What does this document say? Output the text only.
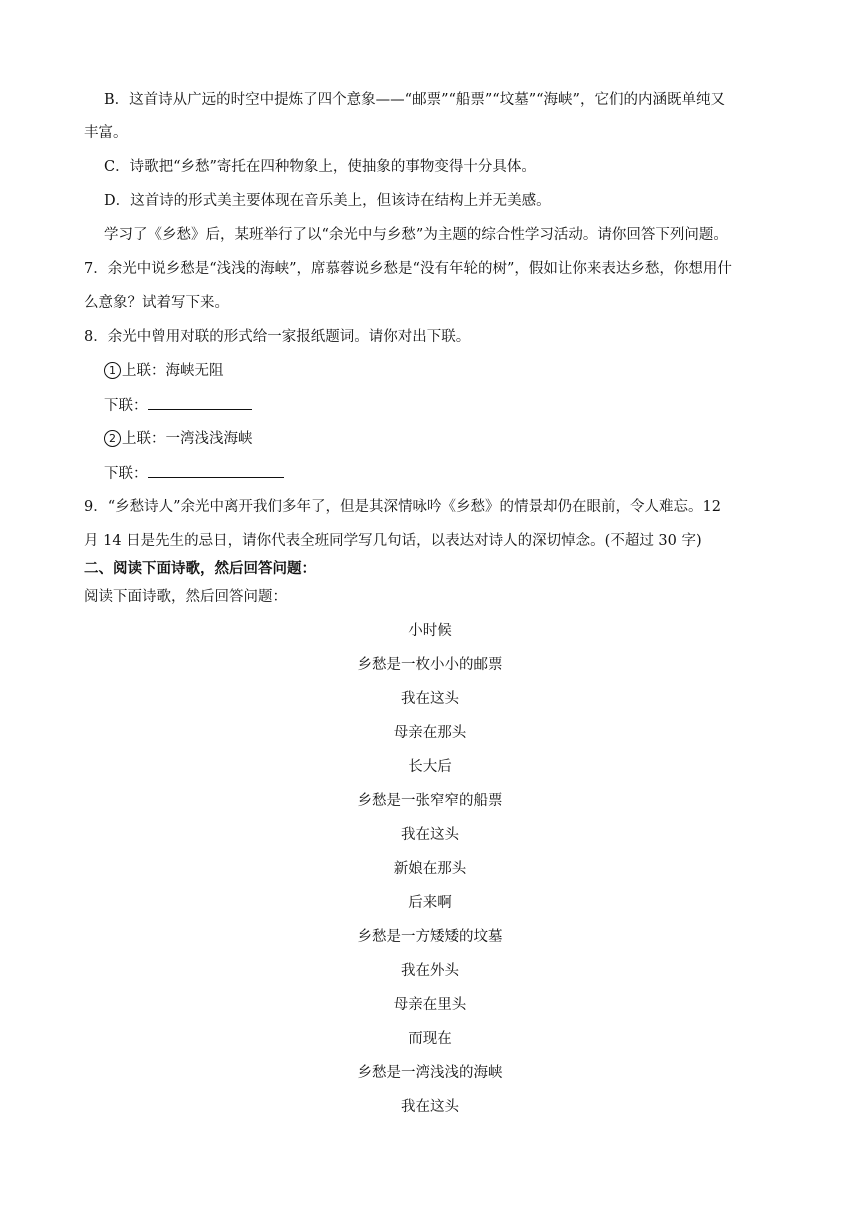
B．这首诗从广远的时空中提炼了四个意象——“邮票”“船票”“坟墓”“海峡”，它们的内涵既单纯又
丰富。
C．诗歌把“乡愁”寄托在四种物象上，使抽象的事物变得十分具体。
D．这首诗的形式美主要体现在音乐美上，但该诗在结构上并无美感。
学习了《乡愁》后，某班举行了以“余光中与乡愁”为主题的综合性学习活动。请你回答下列问题。
7．余光中说乡愁是“浅浅的海峡”，席慕蓉说乡愁是“没有年轮的树”，假如让你来表达乡愁，你想用什
么意象？试着写下来。
8．余光中曾用对联的形式给一家报纸题词。请你对出下联。
1 上联：海峡无阻
下联：
2 上联：一湾浅浅海峡
下联：
9．“乡愁诗人”余光中离开我们多年了，但是其深情咏吟《乡愁》的情景却仍在眼前，令人难忘。12
月 14 日是先生的忌日，请你代表全班同学写几句话，以表达对诗人的深切悼念。(不超过 30 字)
二、阅读下面诗歌，然后回答问题：
阅读下面诗歌，然后回答问题：
小时候
乡愁是一枚小小的邮票
我在这头
母亲在那头
长大后
乡愁是一张窄窄的船票
我在这头
新娘在那头
后来啊
乡愁是一方矮矮的坟墓
我在外头
母亲在里头
而现在
乡愁是一湾浅浅的海峡
我在这头
